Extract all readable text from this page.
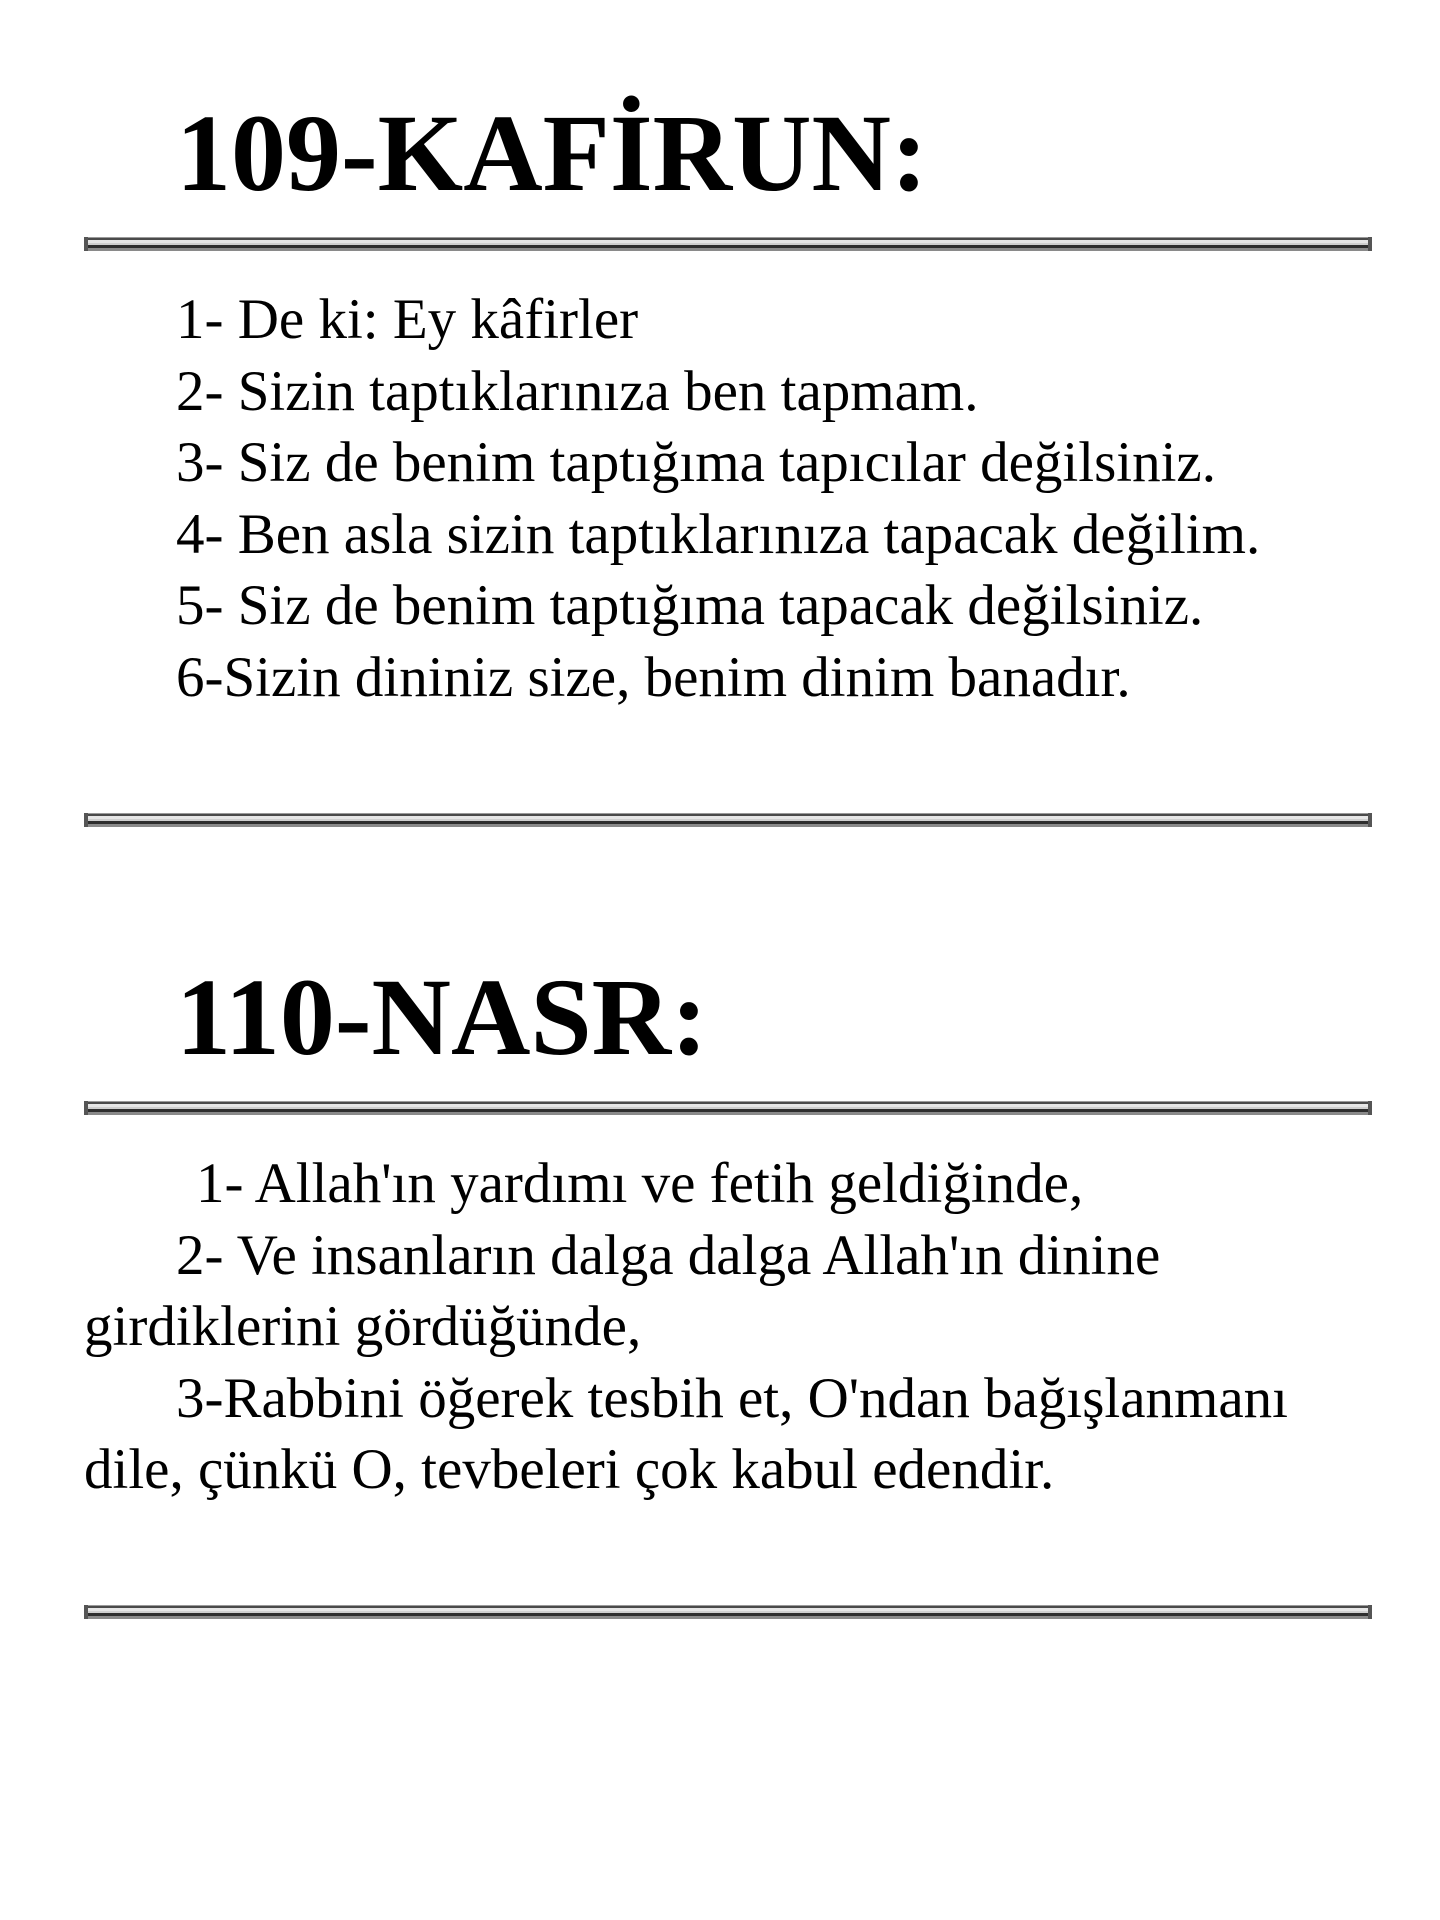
109-KAFİRUN:
1- De ki: Ey kâfirler
2- Sizin taptıklarınıza ben tapmam.
3- Siz de benim taptığıma tapıcılar değilsiniz.
4- Ben asla sizin taptıklarınıza tapacak değilim.
5- Siz de benim taptığıma tapacak değilsiniz.
6-Sizin dininiz size, benim dinim banadır.
110-NASR:
1- Allah'ın yardımı ve fetih geldiğinde,
2- Ve insanların dalga dalga Allah'ın dinine girdiklerini gördüğünde,
3-Rabbini öğerek tesbih et, O'ndan bağışlanmanı dile, çünkü O, tevbeleri çok kabul edendir.
